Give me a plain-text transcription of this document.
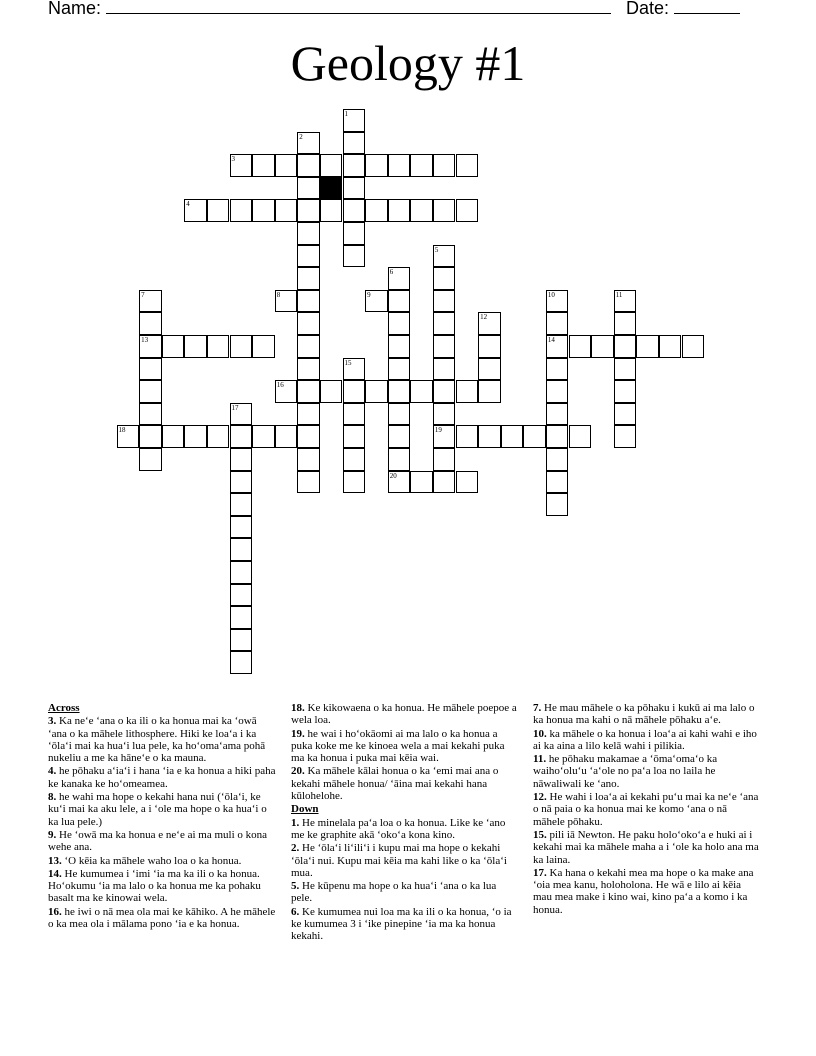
Name:	Date:
Geology #1
3
4
8	9
13	14
16
18	19
20
1
2
5
6
7	10	11
12
15
17

Across

3. Ka neʻe ʻana o ka ili o ka honua mai ka ʻowā ʻana o ka māhele lithosphere. Hiki ke loaʻa i ka ʻōlaʻi mai ka huaʻi lua pele, ka hoʻomaʻama pohā nukeliu a me ka hāneʻe o ka mauna.

4. he pōhaku aʻiaʻi i hana ʻia e ka honua a hiki paha ke kanaka ke hoʻomeamea.

8. he wahi ma hope o kekahi hana nui (ʻōlaʻi, ke kuʻi mai ka aku lele, a i ʻole ma hope o ka huaʻi o ka lua pele.)

9. He ʻowā ma ka honua e neʻe ai ma muli o kona wehe ana.

13. ʻO kēia ka māhele waho loa o ka honua.

14. He kumumea i ʻimi ʻia ma ka ili o ka honua. Hoʻokumu ʻia ma lalo o ka honua me ka pohaku basalt ma ke kinowai wela.

16. he iwi o nā mea ola mai ke kāhiko. A he māhele o ka mea ola i mālama pono ʻia e ka honua.

18. Ke kikowaena o ka honua. He māhele poepoe a wela loa.

19. he wai i hoʻokāomi ai ma lalo o ka honua a puka koke me ke kinoea wela a mai kekahi puka ma ka honua i puka mai kēia wai.

20. Ka māhele kālai honua o ka ʻemi mai ana o kekahi māhele honua/ ʻāina mai kekahi hana kūlohelohe.

Down

1. He minelala paʻa loa o ka honua. Like ke ʻano me ke graphite akā ʻokoʻa kona kino.

2. He ʻōlaʻi liʻiliʻi i kupu mai ma hope o kekahi ʻōlaʻi nui. Kupu mai kēia ma kahi like o ka ʻōlaʻi mua.

5. He kūpenu ma hope o ka huaʻi ʻana o ka lua pele.

6. Ke kumumea nui loa ma ka ili o ka honua, ʻo ia ke kumumea 3 i ʻike pinepine ʻia ma ka honua kekahi.

7. He mau māhele o ka pōhaku i kukū ai ma lalo o ka honua ma kahi o nā māhele pōhaku aʻe.

10. ka māhele o ka honua i loaʻa ai kahi wahi e iho ai ka aina a lilo kelā wahi i pilikia.

11. he pōhaku makamae a ʻōmaʻomaʻo ka waihoʻoluʻu ʻaʻole no paʻa loa no laila he nāwaliwali ke ʻano.

12. He wahi i loaʻa ai kekahi puʻu mai ka neʻe ʻana o nā paia o ka honua mai ke komo ʻana o nā māhele pōhaku.

15. pili iā Newton. He paku holoʻokoʻa e huki ai i kekahi mai ka māhele maha a i ʻole ka holo ana ma ka laina.

17. Ka hana o kekahi mea ma hope o ka make ana ʻoia mea kanu, holoholona. He wā e lilo ai kēia mau mea make i kino wai, kino paʻa a komo i ka honua.
